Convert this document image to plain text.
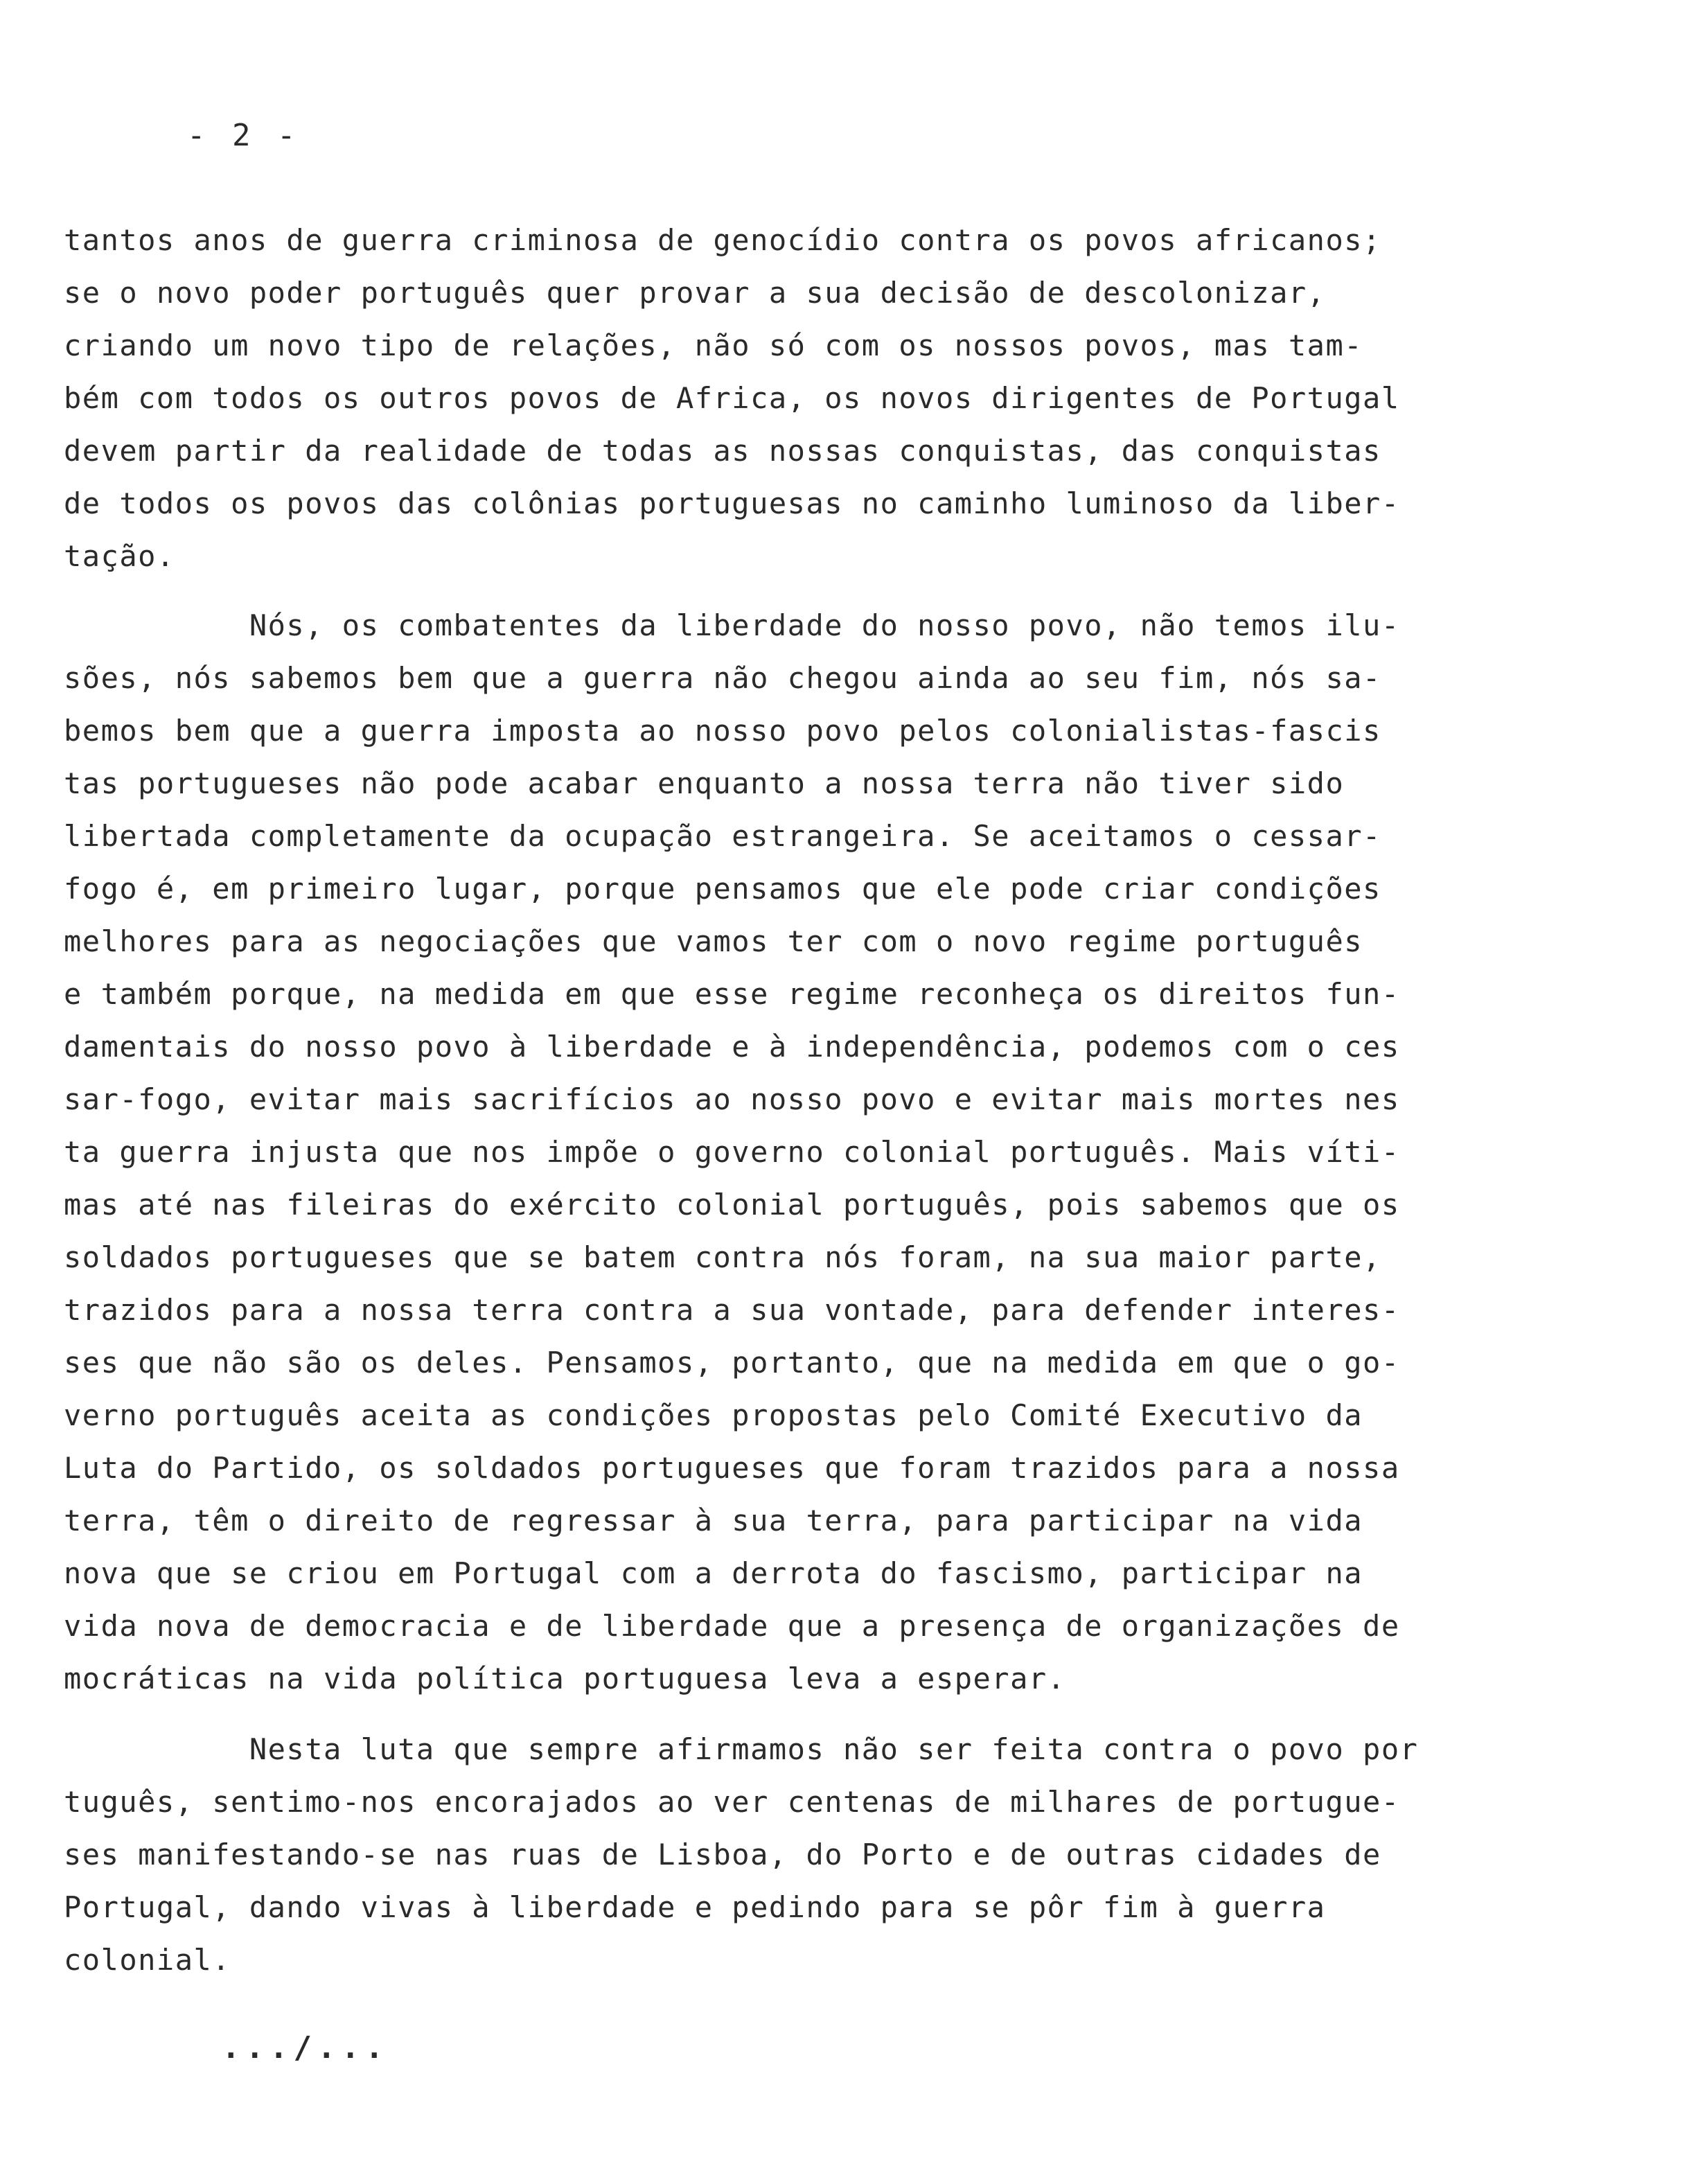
- 2 -
tantos anos de guerra criminosa de genocídio contra os povos africanos;
se o novo poder português quer provar a sua decisão de descolonizar,
criando um novo tipo de relações, não só com os nossos povos, mas tam-
bém com todos os outros povos de Africa, os novos dirigentes de Portugal
devem partir da realidade de todas as nossas conquistas, das conquistas
de todos os povos das colônias portuguesas no caminho luminoso da liber-
tação.
Nós, os combatentes da liberdade do nosso povo, não temos ilu-
sões, nós sabemos bem que a guerra não chegou ainda ao seu fim, nós sa-
bemos bem que a guerra imposta ao nosso povo pelos colonialistas-fascis
tas portugueses não pode acabar enquanto a nossa terra não tiver sido
libertada completamente da ocupação estrangeira. Se aceitamos o cessar-
fogo é, em primeiro lugar, porque pensamos que ele pode criar condições
melhores para as negociações que vamos ter com o novo regime português
e também porque, na medida em que esse regime reconheça os direitos fun-
damentais do nosso povo à liberdade e à independência, podemos com o ces
sar-fogo, evitar mais sacrifícios ao nosso povo e evitar mais mortes nes
ta guerra injusta que nos impõe o governo colonial português. Mais víti-
mas até nas fileiras do exército colonial português, pois sabemos que os
soldados portugueses que se batem contra nós foram, na sua maior parte,
trazidos para a nossa terra contra a sua vontade, para defender interes-
ses que não são os deles. Pensamos, portanto, que na medida em que o go-
verno português aceita as condições propostas pelo Comité Executivo da
Luta do Partido, os soldados portugueses que foram trazidos para a nossa
terra, têm o direito de regressar à sua terra, para participar na vida
nova que se criou em Portugal com a derrota do fascismo, participar na
vida nova de democracia e de liberdade que a presença de organizações de
mocráticas na vida política portuguesa leva a esperar.
Nesta luta que sempre afirmamos não ser feita contra o povo por
tuguês, sentimo-nos encorajados ao ver centenas de milhares de portugue-
ses manifestando-se nas ruas de Lisboa, do Porto e de outras cidades de
Portugal, dando vivas à liberdade e pedindo para se pôr fim à guerra
colonial.
.../...
